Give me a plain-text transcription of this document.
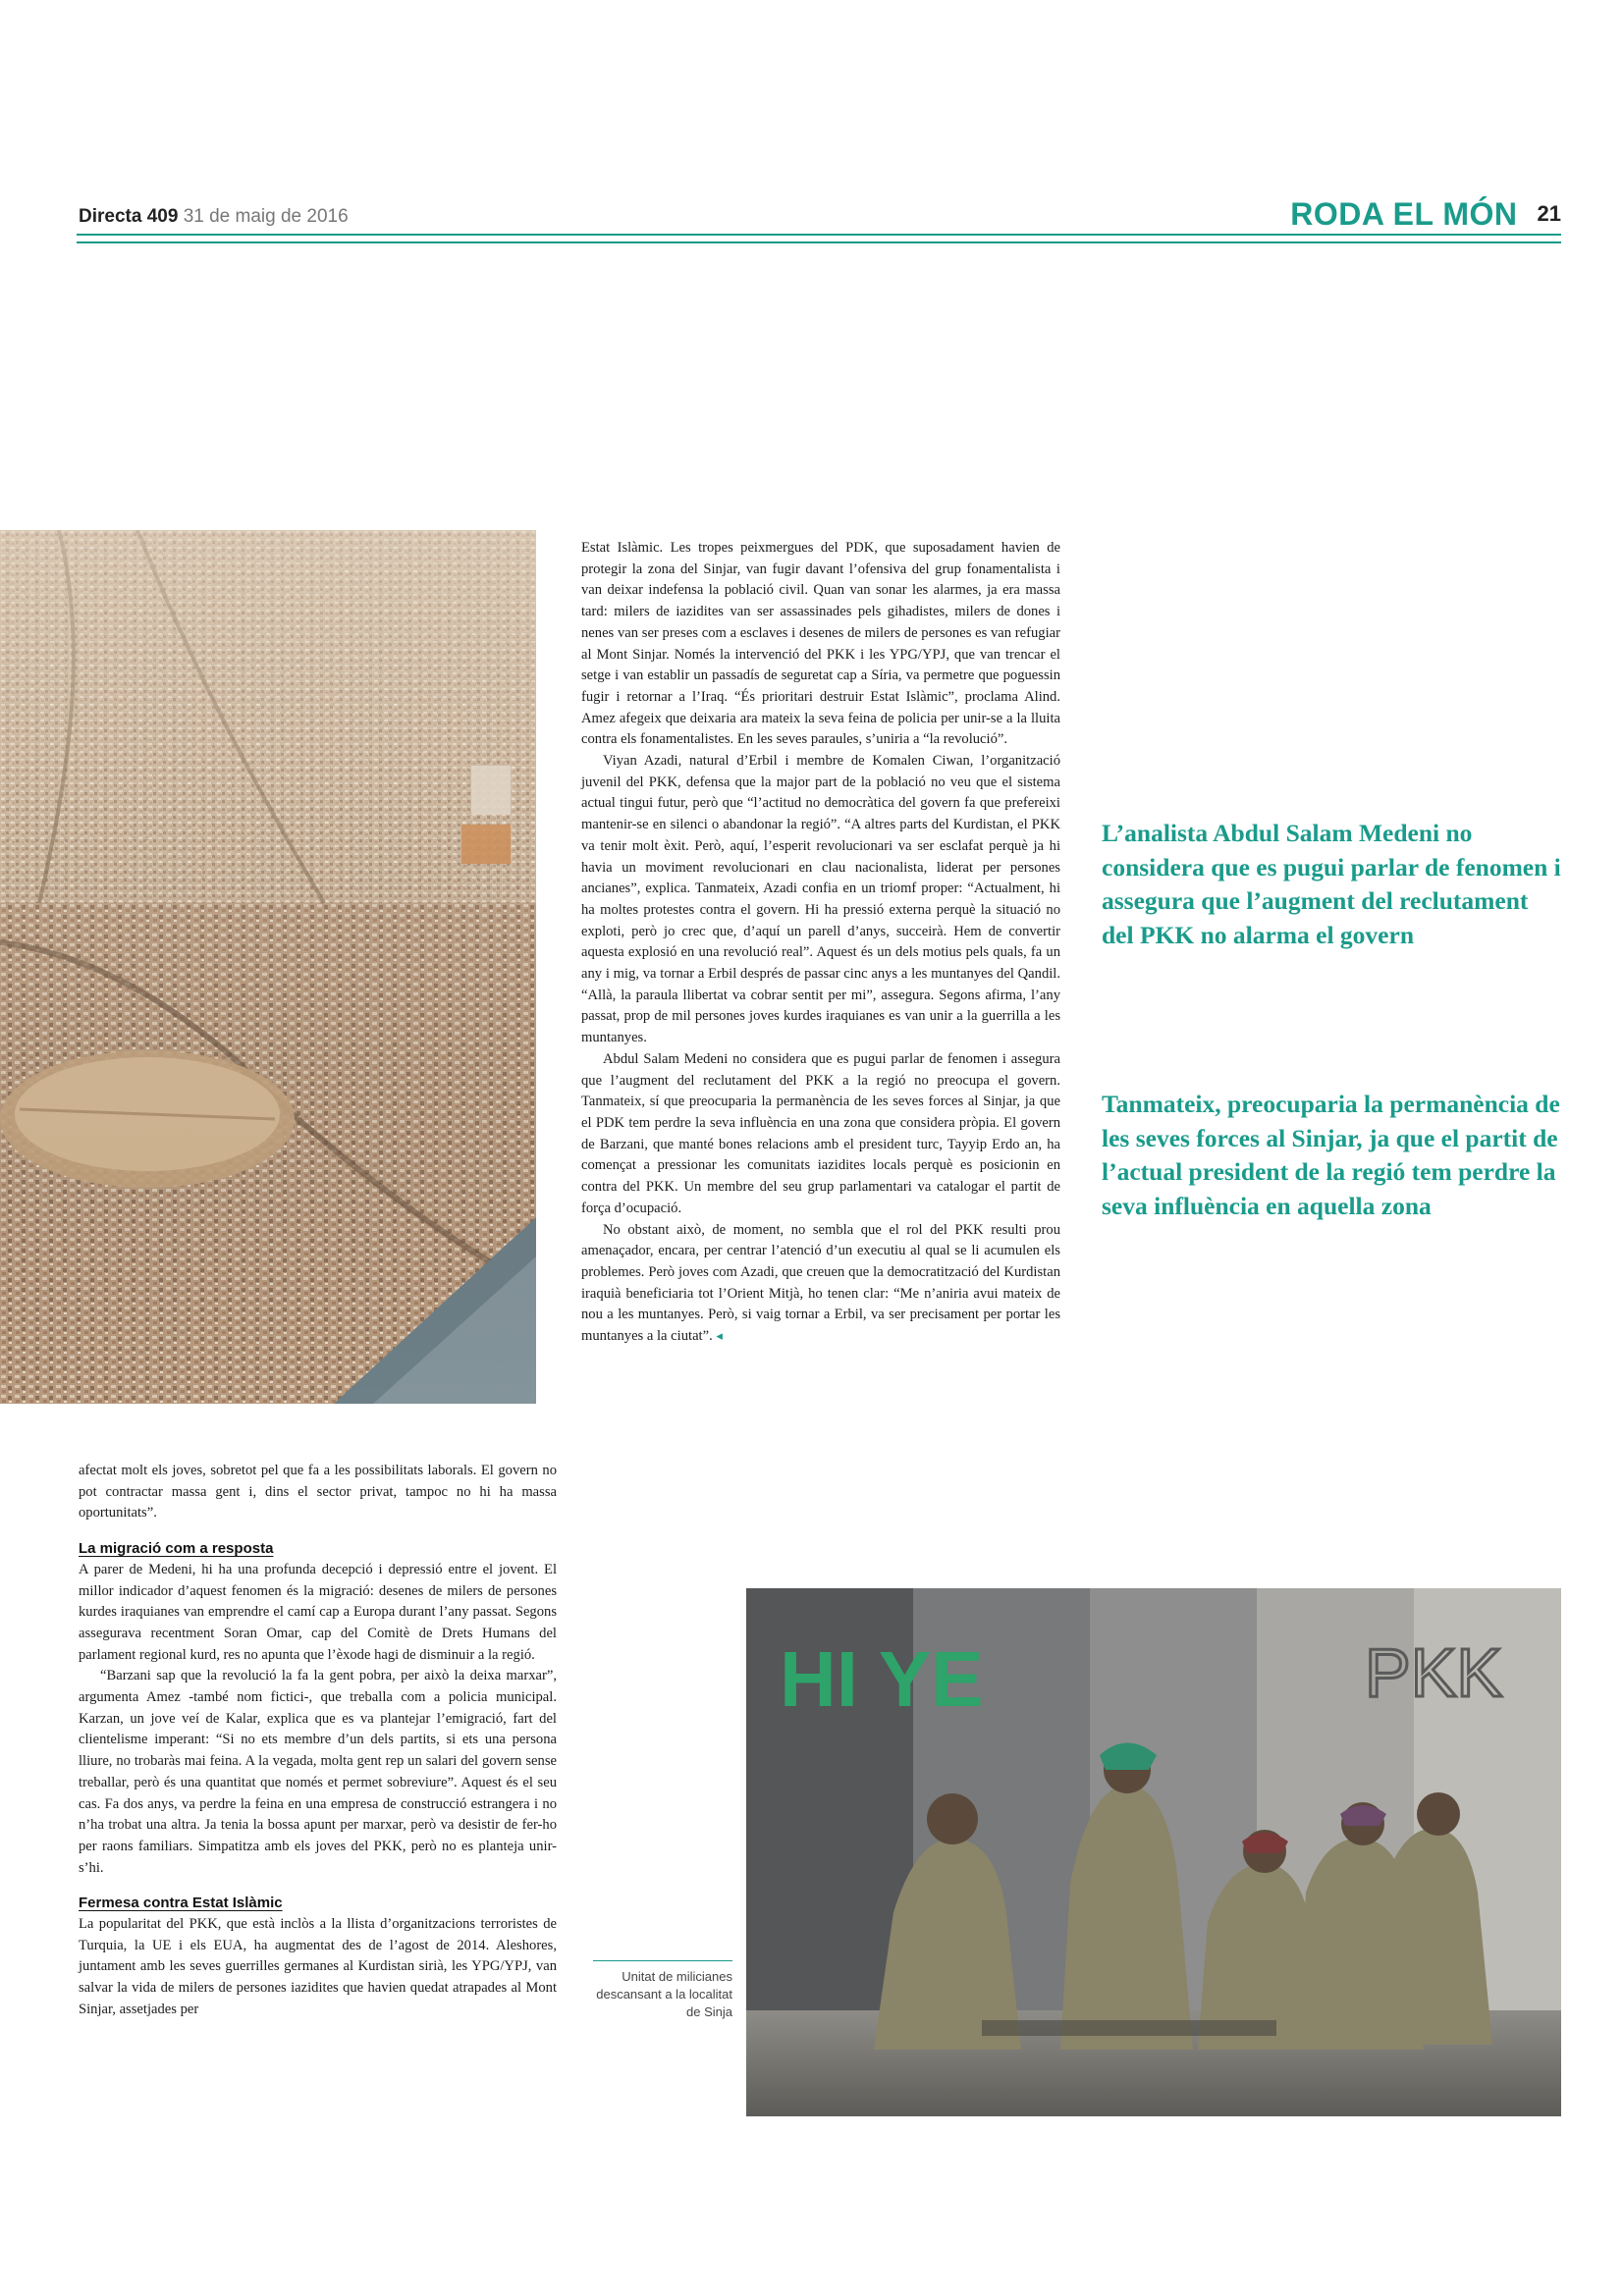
Directa 409 31 de maig de 2016	RODA EL MÓN 21

afectat molt els joves, sobretot pel que fa a les possibilitats laborals. El govern no pot contractar massa gent i, dins el sector privat, tampoc no hi ha massa oportunitats”.

La migració com a resposta

A parer de Medeni, hi ha una profunda decepció i depressió entre el jovent. El millor indicador d’aquest fenomen és la migració: desenes de milers de persones kurdes iraquianes van emprendre el camí cap a Europa durant l’any passat. Segons assegurava recentment Soran Omar, cap del Comitè de Drets Humans del parlament regional kurd, res no apunta que l’èxode hagi de disminuir a la regió.

“Barzani sap que la revolució la fa la gent pobra, per això la deixa marxar”, argumenta Amez -també nom fictici-, que treballa com a policia municipal. Karzan, un jove veí de Kalar, explica que es va plantejar l’emigració, fart del clientelisme imperant: “Si no ets membre d’un dels partits, si ets una persona lliure, no trobaràs mai feina. A la vegada, molta gent rep un salari del govern sense treballar, però és una quantitat que només et permet sobreviure”. Aquest és el seu cas. Fa dos anys, va perdre la feina en una empresa de construcció estrangera i no n’ha trobat una altra. Ja tenia la bossa apunt per marxar, però va desistir de fer-ho per raons familiars. Simpatitza amb els joves del PKK, però no es planteja unir-s’hi.

Fermesa contra Estat Islàmic

La popularitat del PKK, que està inclòs a la llista d’organitzacions terroristes de Turquia, la UE i els EUA, ha augmentat des de l’agost de 2014. Aleshores, juntament amb les seves guerrilles germanes al Kurdistan sirià, les YPG/YPJ, van salvar la vida de milers de persones iazidites que havien quedat atrapades al Mont Sinjar, assetjades per

Estat Islàmic. Les tropes peixmergues del PDK, que suposadament havien de protegir la zona del Sinjar, van fugir davant l’ofensiva del grup fonamentalista i van deixar indefensa la població civil. Quan van sonar les alarmes, ja era massa tard: milers de iazidites van ser assassinades pels gihadistes, milers de dones i nenes van ser preses com a esclaves i desenes de milers de persones es van refugiar al Mont Sinjar. Només la intervenció del PKK i les YPG/YPJ, que van trencar el setge i van establir un passadís de seguretat cap a Síria, va permetre que poguessin fugir i retornar a l’Iraq. “És prioritari destruir Estat Islàmic”, proclama Alind. Amez afegeix que deixaria ara mateix la seva feina de policia per unir-se a la lluita contra els fonamentalistes. En les seves paraules, s’uniria a “la revolució”.

Viyan Azadi, natural d’Erbil i membre de Komalen Ciwan, l’organització juvenil del PKK, defensa que la major part de la població no veu que el sistema actual tingui futur, però que “l’actitud no democràtica del govern fa que prefereixi mantenir-se en silenci o abandonar la regió”. “A altres parts del Kurdistan, el PKK va tenir molt èxit. Però, aquí, l’esperit revolucionari va ser esclafat perquè ja hi havia un moviment revolucionari en clau nacionalista, liderat per persones ancianes”, explica. Tanmateix, Azadi confia en un triomf proper: “Actualment, hi ha moltes protestes contra el govern. Hi ha pressió externa perquè la situació no exploti, però jo crec que, d’aquí un parell d’anys, succeirà. Hem de convertir aquesta explosió en una revolució real”. Aquest és un dels motius pels quals, fa un any i mig, va tornar a Erbil després de passar cinc anys a les muntanyes del Qandil. “Allà, la paraula llibertat va cobrar sentit per mi”, assegura. Segons afirma, l’any passat, prop de mil persones joves kurdes iraquianes es van unir a la guerrilla a les muntanyes.

Abdul Salam Medeni no considera que es pugui parlar de fenomen i assegura que l’augment del reclutament del PKK a la regió no preocupa el govern. Tanmateix, sí que preocuparia la permanència de les seves forces al Sinjar, ja que el PDK tem perdre la seva influència en una zona que considera pròpia. El govern de Barzani, que manté bones relacions amb el president turc, Tayyip Erdo an, ha començat a pressionar les comunitats iazidites locals perquè es posicionin en contra del PKK. Un membre del seu grup parlamentari va catalogar el partit de força d’ocupació.

No obstant això, de moment, no sembla que el rol del PKK resulti prou amenaçador, encara, per centrar l’atenció d’un executiu al qual se li acumulen els problemes. Però joves com Azadi, que creuen que la democratització del Kurdistan iraquià beneficiaria tot l’Orient Mitjà, ho tenen clar: “Me n’aniria avui mateix de nou a les muntanyes. Però, si vaig tornar a Erbil, va ser precisament per portar les muntanyes a la ciutat”. ◂

L’analista Abdul Salam Medeni no considera que es pugui parlar de fenomen i assegura que l’augment del reclutament del PKK no alarma el govern
Tanmateix, preocuparia la permanència de les seves forces al Sinjar, ja que el partit de l’actual president de la regió tem perdre la seva influència en aquella zona
HI YE	PKK
Unitat de milicianes descansant a la localitat de Sinja
